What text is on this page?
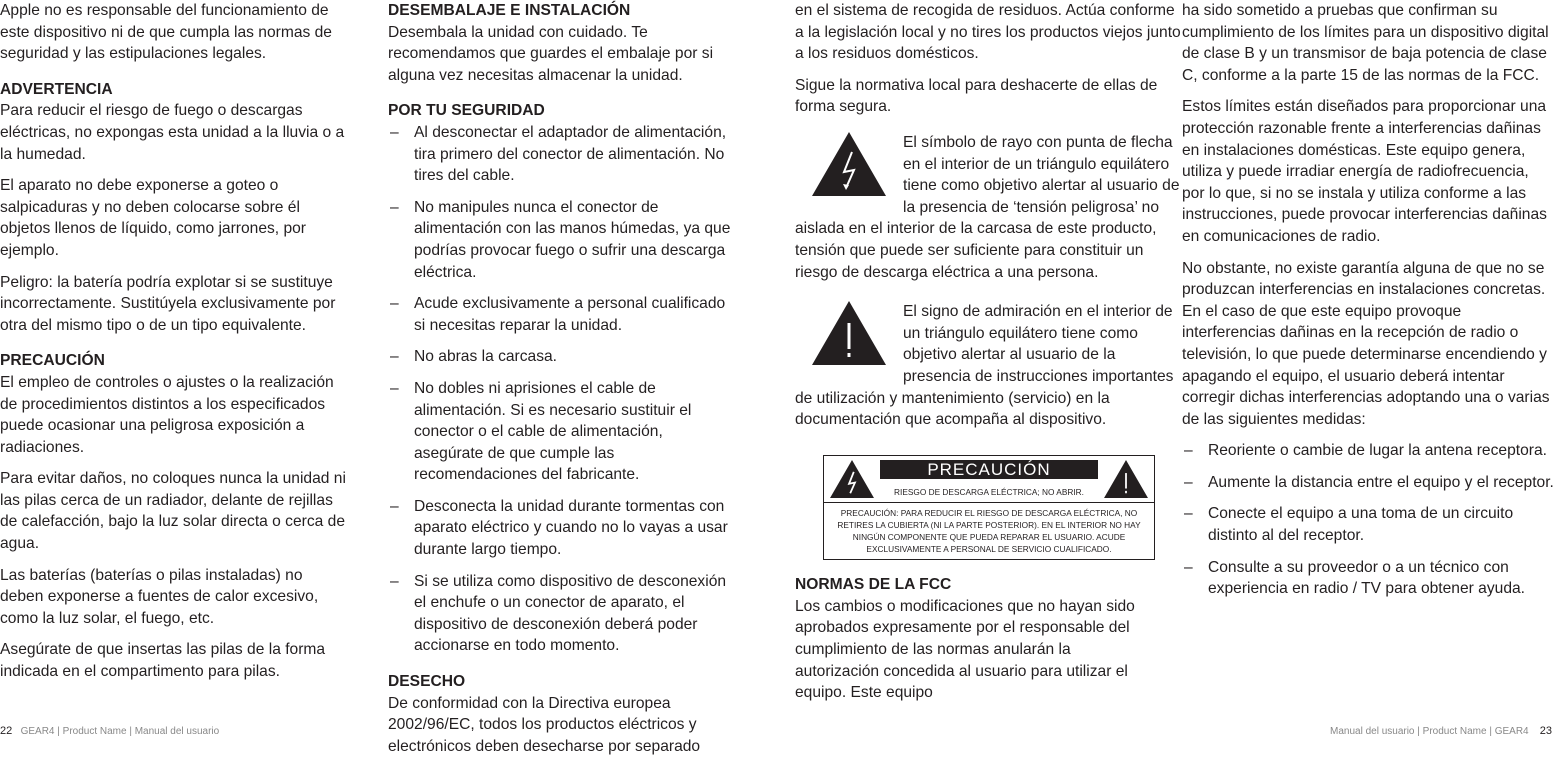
Apple no es responsable del funcionamiento de este dispositivo ni de que cumpla las normas de seguridad y las estipulaciones legales.

ADVERTENCIA

Para reducir el riesgo de fuego o descargas eléctricas, no expongas esta unidad a la lluvia o a la humedad.

El aparato no debe exponerse a goteo o salpicaduras y no deben colocarse sobre él objetos llenos de líquido, como jarrones, por ejemplo.

Peligro: la batería podría explotar si se sustituye incorrectamente. Sustitúyela exclusivamente por otra del mismo tipo o de un tipo equivalente.

PRECAUCIÓN

El empleo de controles o ajustes o la realización de procedimientos distintos a los especificados puede ocasionar una peligrosa exposición a radiaciones.

Para evitar daños, no coloques nunca la unidad ni las pilas cerca de un radiador, delante de rejillas de calefacción, bajo la luz solar directa o cerca de agua.

Las baterías (baterías o pilas instaladas) no deben exponerse a fuentes de calor excesivo, como la luz solar, el fuego, etc.

Asegúrate de que insertas las pilas de la forma indicada en el compartimento para pilas.

DESEMBALAJE E INSTALACIÓN

Desembala la unidad con cuidado. Te recomendamos que guardes el embalaje por si alguna vez necesitas almacenar la unidad.

POR TU SEGURIDAD
– Al desconectar el adaptador de alimentación, tira primero del conector de alimentación. No tires del cable.
– No manipules nunca el conector de alimentación con las manos húmedas, ya que podrías provocar fuego o sufrir una descarga eléctrica.
– Acude exclusivamente a personal cualificado si necesitas reparar la unidad.
– No abras la carcasa.
– No dobles ni aprisiones el cable de alimentación. Si es necesario sustituir el conector o el cable de alimentación, asegúrate de que cumple las recomendaciones del fabricante.
– Desconecta la unidad durante tormentas con aparato eléctrico y cuando no lo vayas a usar durante largo tiempo.
– Si se utiliza como dispositivo de desconexión el enchufe o un conector de aparato, el dispositivo de desconexión deberá poder accionarse en todo momento.
DESECHO

De conformidad con la Directiva europea 2002/96/EC, todos los productos eléctricos y electrónicos deben desecharse por separado

en el sistema de recogida de residuos. Actúa conforme a la legislación local y no tires los productos viejos junto a los residuos domésticos.

Sigue la normativa local para deshacerte de ellas de forma segura.

El símbolo de rayo con punta de flecha en el interior de un triángulo equilátero tiene como objetivo alertar al usuario de la presencia de ‘tensión peligrosa’ no aislada en el interior de la carcasa de este producto, tensión que puede ser suficiente para constituir un riesgo de descarga eléctrica a una persona.

El signo de admiración en el interior de un triángulo equilátero tiene como objetivo alertar al usuario de la presencia de instrucciones importantes de utilización y mantenimiento (servicio) en la documentación que acompaña al dispositivo.

PRECAUCIÓN
RIESGO DE DESCARGA ELÉCTRICA; NO ABRIR.
PRECAUCIÓN: PARA REDUCIR EL RIESGO DE DESCARGA ELÉCTRICA, NO RETIRES LA CUBIERTA (NI LA PARTE POSTERIOR). EN EL INTERIOR NO HAY NINGÚN COMPONENTE QUE PUEDA REPARAR EL USUARIO. ACUDE EXCLUSIVAMENTE A PERSONAL DE SERVICIO CUALIFICADO.
NORMAS DE LA FCC

Los cambios o modificaciones que no hayan sido aprobados expresamente por el responsable del cumplimiento de las normas anularán la autorización concedida al usuario para utilizar el equipo. Este equipo

ha sido sometido a pruebas que confirman su cumplimiento de los límites para un dispositivo digital de clase B y un transmisor de baja potencia de clase C, conforme a la parte 15 de las normas de la FCC.

Estos límites están diseñados para proporcionar una protección razonable frente a interferencias dañinas en instalaciones domésticas. Este equipo genera, utiliza y puede irradiar energía de radiofrecuencia, por lo que, si no se instala y utiliza conforme a las instrucciones, puede provocar interferencias dañinas en comunicaciones de radio.

No obstante, no existe garantía alguna de que no se produzcan interferencias en instalaciones concretas. En el caso de que este equipo provoque interferencias dañinas en la recepción de radio o televisión, lo que puede determinarse encendiendo y apagando el equipo, el usuario deberá intentar corregir dichas interferencias adoptando una o varias de las siguientes medidas:

– Reoriente o cambie de lugar la antena receptora.
– Aumente la distancia entre el equipo y el receptor.
– Conecte el equipo a una toma de un circuito distinto al del receptor.
– Consulte a su proveedor o a un técnico con experiencia en radio / TV para obtener ayuda.
22 GEAR4 | Product Name | Manual del usuario	Manual del usuario | Product Name | GEAR4 23
